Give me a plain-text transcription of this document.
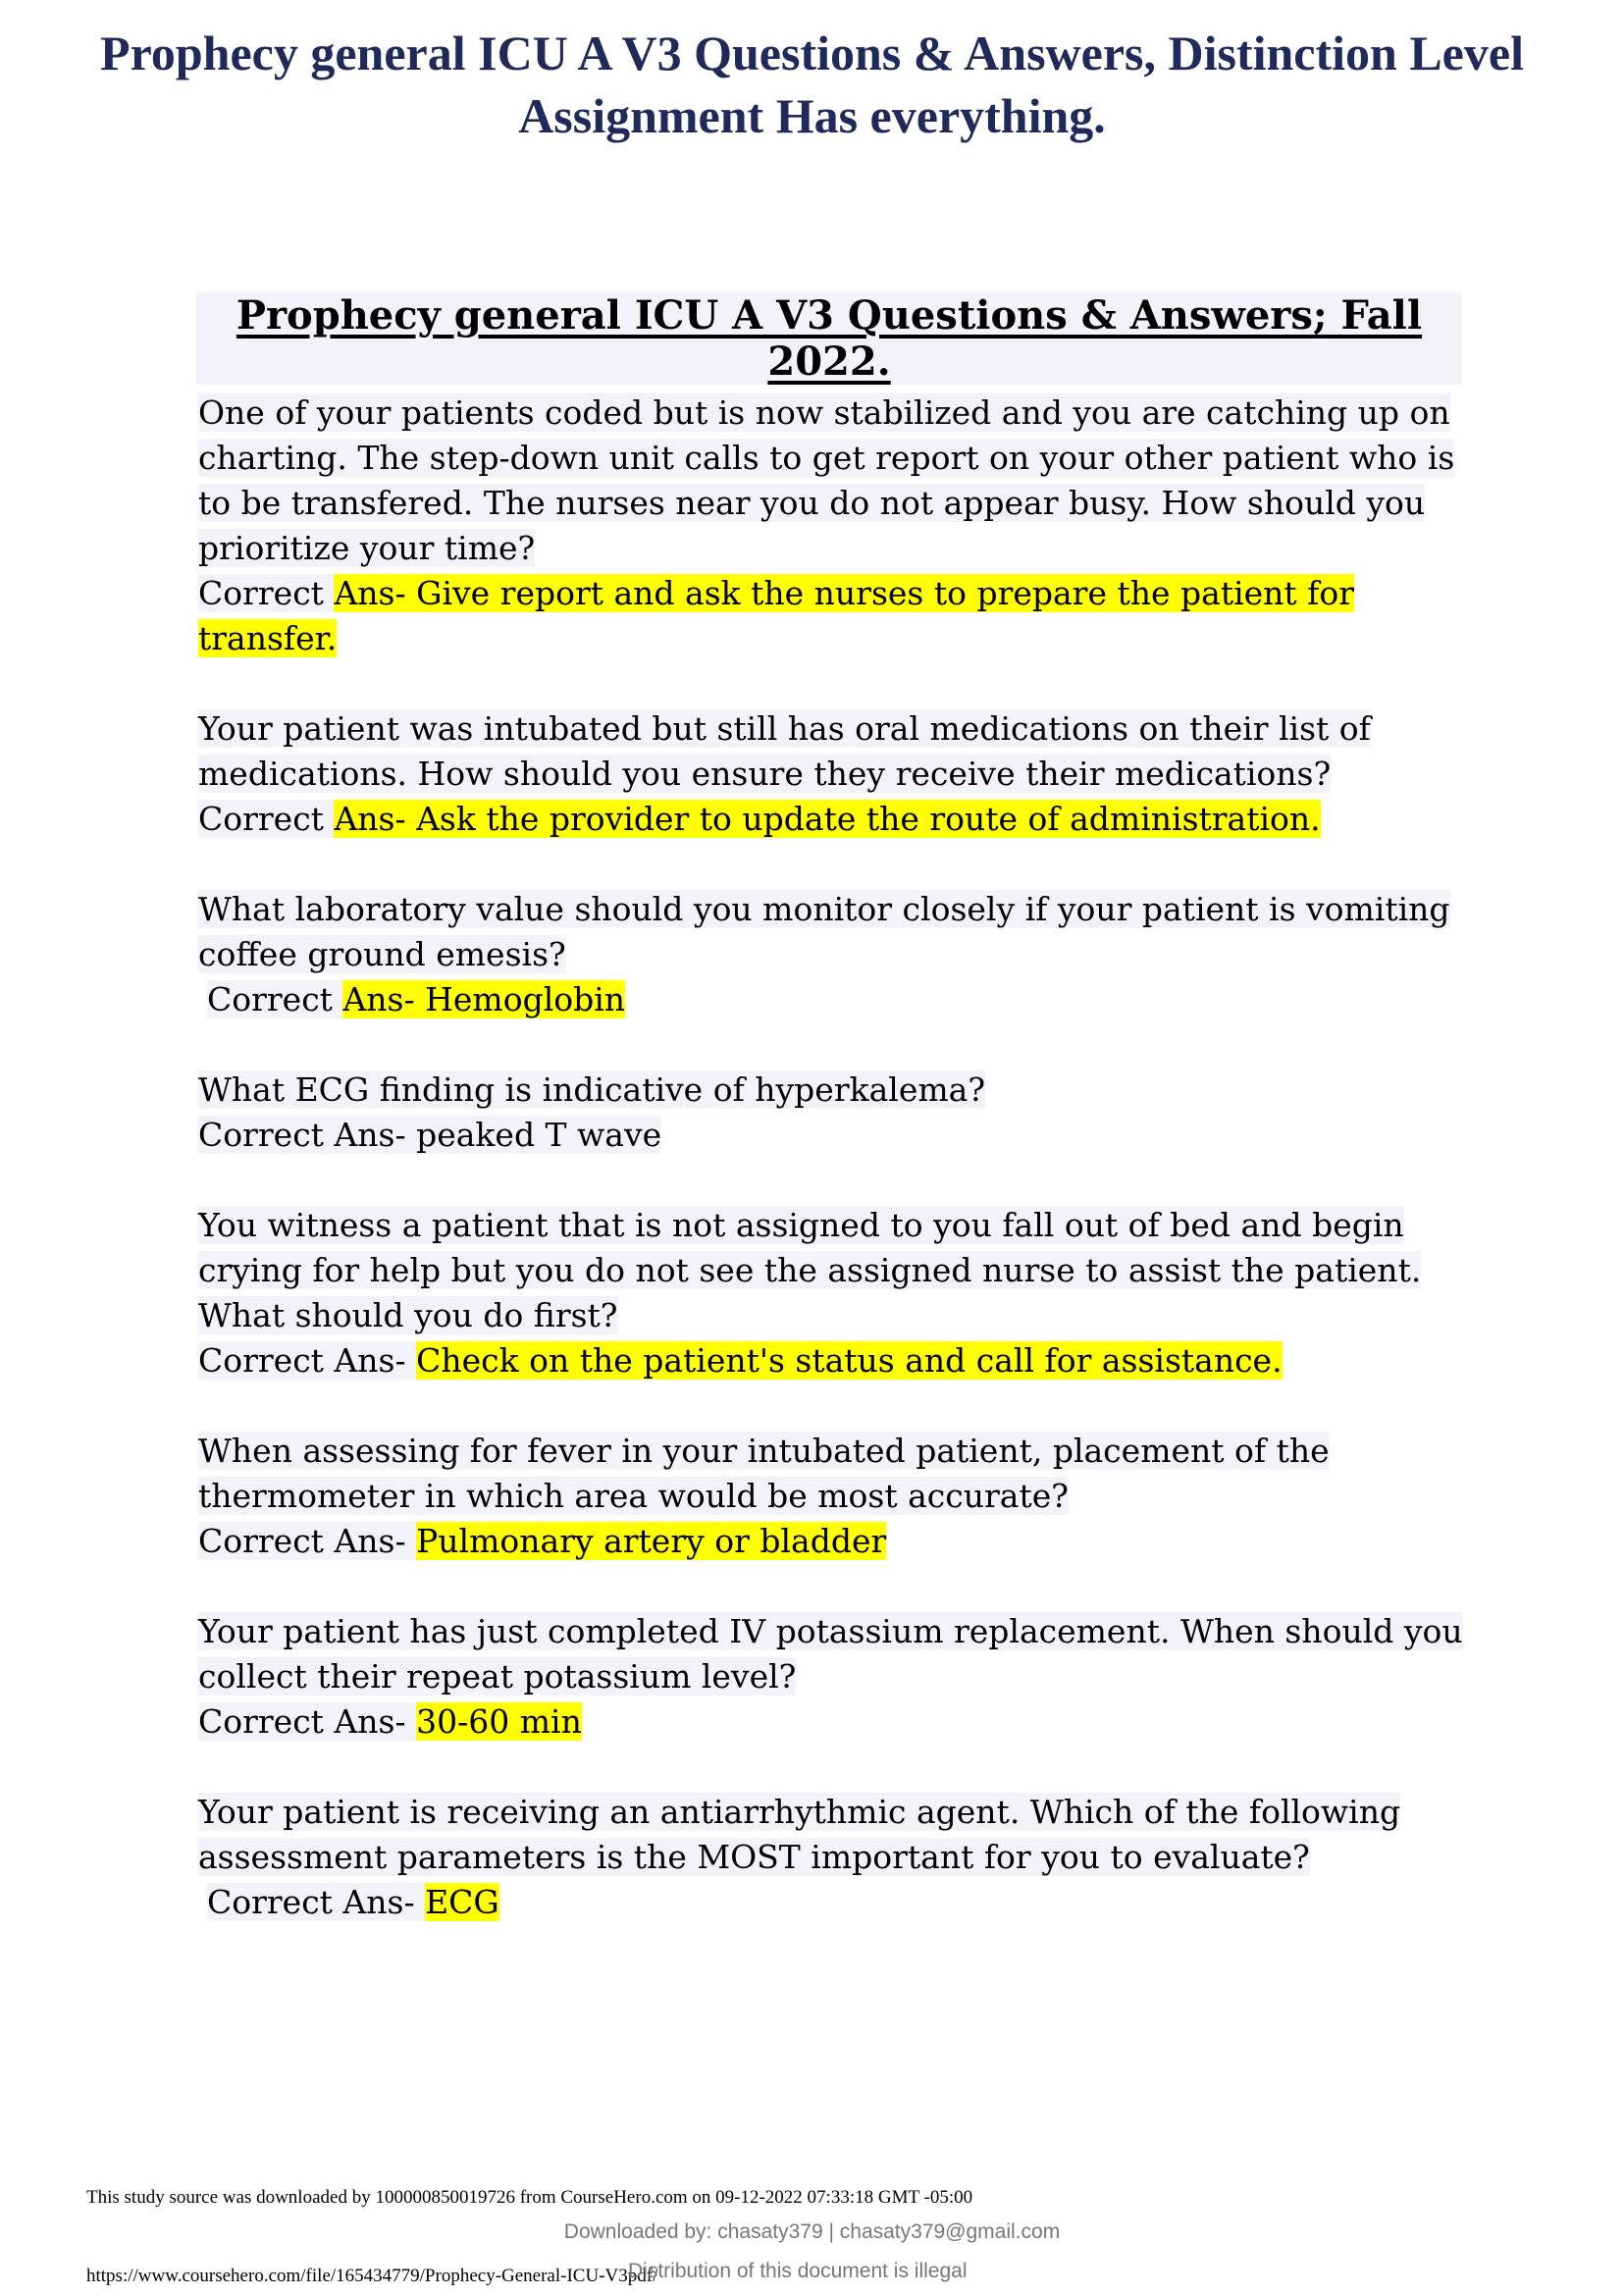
Prophecy general ICU A V3 Questions & Answers, Distinction Level Assignment Has everything.
Prophecy general ICU A V3 Questions & Answers; Fall 2022.

One of your patients coded but is now stabilized and you are catching up on charting. The step-down unit calls to get report on your other patient who is to be transfered. The nurses near you do not appear busy. How should you prioritize your time?

Correct Ans- Give report and ask the nurses to prepare the patient for transfer.

Your patient was intubated but still has oral medications on their list of medications. How should you ensure they receive their medications?

Correct Ans- Ask the provider to update the route of administration.

What laboratory value should you monitor closely if your patient is vomiting coffee ground emesis?

Correct Ans- Hemoglobin

What ECG finding is indicative of hyperkalema?

Correct Ans- peaked T wave

You witness a patient that is not assigned to you fall out of bed and begin crying for help but you do not see the assigned nurse to assist the patient. What should you do first?

Correct Ans- Check on the patient's status and call for assistance.

When assessing for fever in your intubated patient, placement of the thermometer in which area would be most accurate?

Correct Ans- Pulmonary artery or bladder

Your patient has just completed IV potassium replacement. When should you collect their repeat potassium level?

Correct Ans- 30-60 min

Your patient is receiving an antiarrhythmic agent. Which of the following assessment parameters is the MOST important for you to evaluate?

Correct Ans- ECG

This study source was downloaded by 100000850019726 from CourseHero.com on 09-12-2022 07:33:18 GMT -05:00
Downloaded by: chasaty379 | chasaty379@gmail.com
https://www.coursehero.com/file/165434779/Prophecy-General-ICU-V3pdf/
Distribution of this document is illegal
